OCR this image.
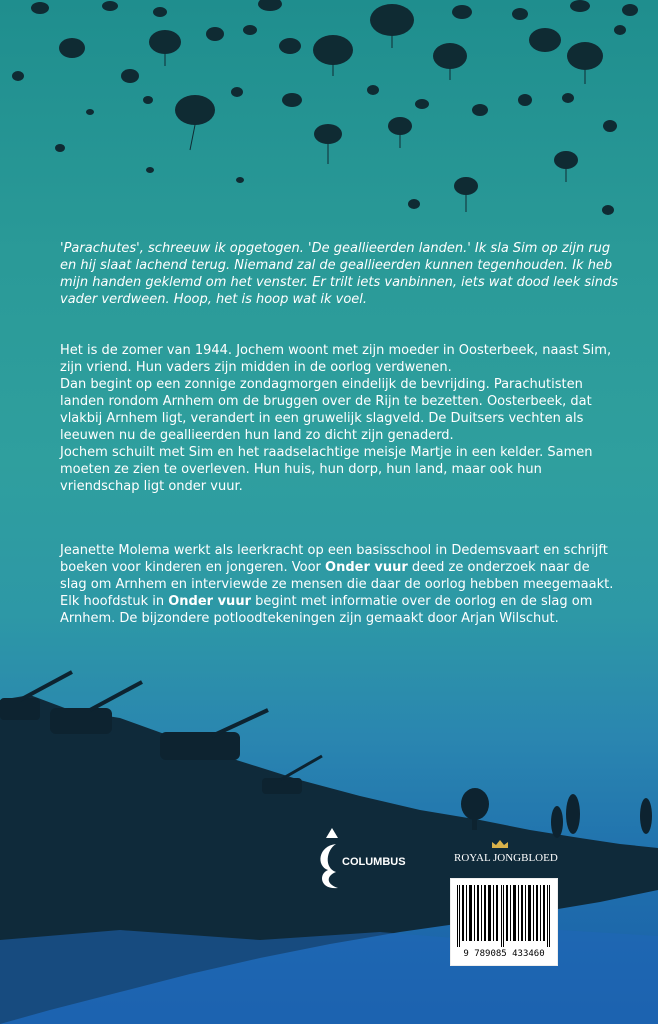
'Parachutes', schreeuw ik opgetogen. 'De geallieerden landen.' Ik sla Sim op zijn rug en hij slaat lachend terug. Niemand zal de geallieerden kunnen tegenhouden. Ik heb mijn handen geklemd om het venster. Er trilt iets vanbinnen, iets wat dood leek sinds vader verdween. Hoop, het is hoop wat ik voel.

Het is de zomer van 1944. Jochem woont met zijn moeder in Oosterbeek, naast Sim, zijn vriend. Hun vaders zijn midden in de oorlog verdwenen.

Dan begint op een zonnige zondagmorgen eindelijk de bevrijding. Parachutisten landen rondom Arnhem om de bruggen over de Rijn te bezetten. Oosterbeek, dat vlakbij Arnhem ligt, verandert in een gruwelijk slagveld. De Duitsers vechten als leeuwen nu de geallieerden hun land zo dicht zijn genaderd.

Jochem schuilt met Sim en het raadselachtige meisje Martje in een kelder. Samen moeten ze zien te overleven. Hun huis, hun dorp, hun land, maar ook hun vriendschap ligt onder vuur.

Jeanette Molema werkt als leerkracht op een basisschool in Dedemsvaart en schrijft boeken voor kinderen en jongeren. Voor Onder vuur deed ze onderzoek naar de slag om Arnhem en interviewde ze mensen die daar de oorlog hebben meegemaakt. Elk hoofdstuk in Onder vuur begint met informatie over de oorlog en de slag om Arnhem. De bijzondere potloodtekeningen zijn gemaakt door Arjan Wilschut.

COLUMBUS	ROYAL JONGBLOED
9 789085 433460
